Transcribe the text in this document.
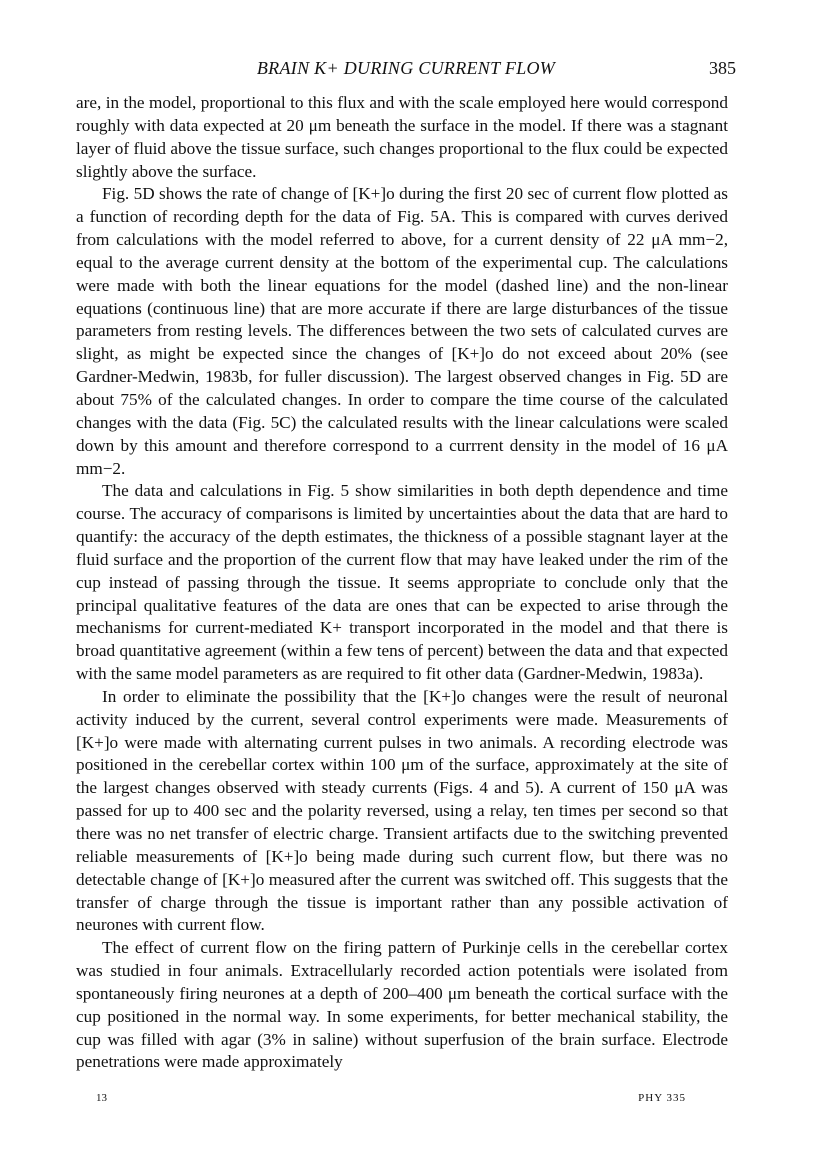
BRAIN K+ DURING CURRENT FLOW	385

are, in the model, proportional to this flux and with the scale employed here would correspond roughly with data expected at 20 μm beneath the surface in the model. If there was a stagnant layer of fluid above the tissue surface, such changes proportional to the flux could be expected slightly above the surface.

Fig. 5D shows the rate of change of [K+]o during the first 20 sec of current flow plotted as a function of recording depth for the data of Fig. 5A. This is compared with curves derived from calculations with the model referred to above, for a current density of 22 μA mm−2, equal to the average current density at the bottom of the experimental cup. The calculations were made with both the linear equations for the model (dashed line) and the non-linear equations (continuous line) that are more accurate if there are large disturbances of the tissue parameters from resting levels. The differences between the two sets of calculated curves are slight, as might be expected since the changes of [K+]o do not exceed about 20% (see Gardner-Medwin, 1983b, for fuller discussion). The largest observed changes in Fig. 5D are about 75% of the calculated changes. In order to compare the time course of the calculated changes with the data (Fig. 5C) the calculated results with the linear calculations were scaled down by this amount and therefore correspond to a currrent density in the model of 16 μA mm−2.

The data and calculations in Fig. 5 show similarities in both depth dependence and time course. The accuracy of comparisons is limited by uncertainties about the data that are hard to quantify: the accuracy of the depth estimates, the thickness of a possible stagnant layer at the fluid surface and the proportion of the current flow that may have leaked under the rim of the cup instead of passing through the tissue. It seems appropriate to conclude only that the principal qualitative features of the data are ones that can be expected to arise through the mechanisms for current-mediated K+ transport incorporated in the model and that there is broad quantitative agreement (within a few tens of percent) between the data and that expected with the same model parameters as are required to fit other data (Gardner-Medwin, 1983a).

In order to eliminate the possibility that the [K+]o changes were the result of neuronal activity induced by the current, several control experiments were made. Measurements of [K+]o were made with alternating current pulses in two animals. A recording electrode was positioned in the cerebellar cortex within 100 μm of the surface, approximately at the site of the largest changes observed with steady currents (Figs. 4 and 5). A current of 150 μA was passed for up to 400 sec and the polarity reversed, using a relay, ten times per second so that there was no net transfer of electric charge. Transient artifacts due to the switching prevented reliable measurements of [K+]o being made during such current flow, but there was no detectable change of [K+]o measured after the current was switched off. This suggests that the transfer of charge through the tissue is important rather than any possible activation of neurones with current flow.

The effect of current flow on the firing pattern of Purkinje cells in the cerebellar cortex was studied in four animals. Extracellularly recorded action potentials were isolated from spontaneously firing neurones at a depth of 200–400 μm beneath the cortical surface with the cup positioned in the normal way. In some experiments, for better mechanical stability, the cup was filled with agar (3% in saline) without superfusion of the brain surface. Electrode penetrations were made approximately

13	PHY 335
